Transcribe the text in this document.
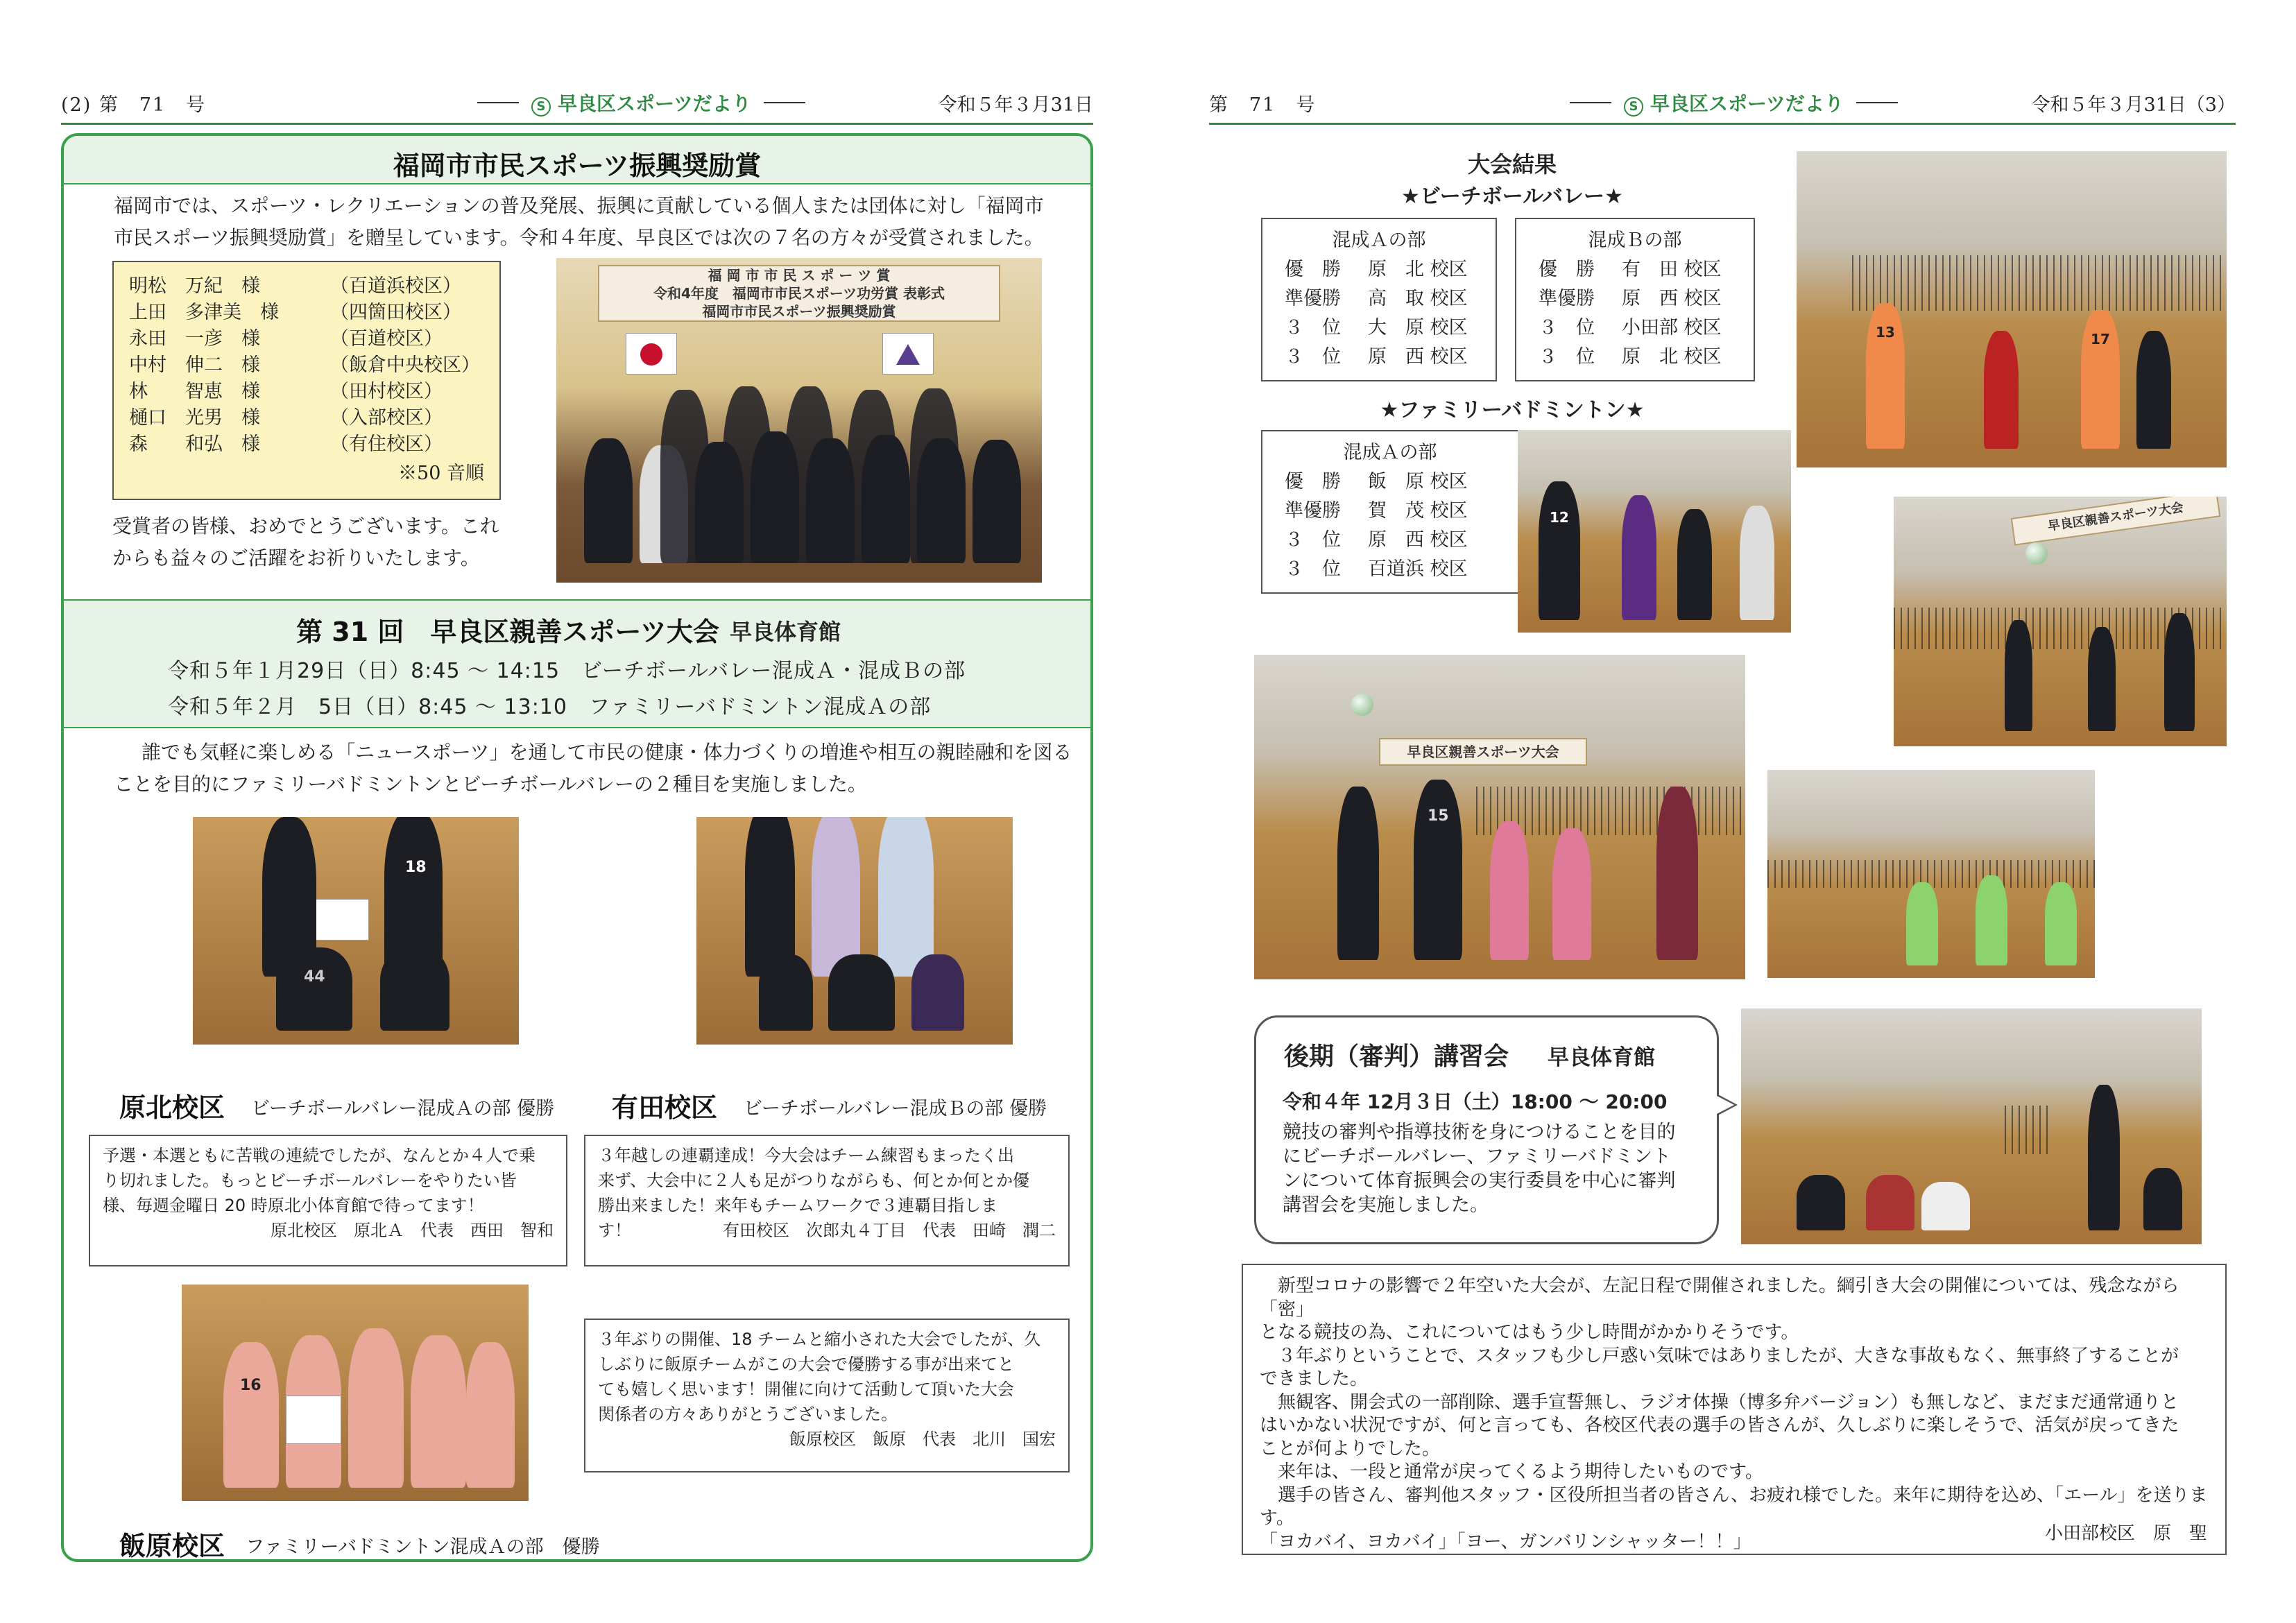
(2) 第　71　号	S 早良区スポーツだより	令和５年３月31日
福岡市市民スポーツ振興奨励賞
福岡市では、スポーツ・レクリエーションの普及発展、振興に貢献している個人または団体に対し「福岡市
市民スポーツ振興奨励賞」を贈呈しています。令和４年度、早良区では次の７名の方々が受賞されました。
明松　万紀　様	（百道浜校区）
上田　多津美　様	（四箇田校区）
永田　一彦　様	（百道校区）
中村　伸二　様	（飯倉中央校区）
林　　智恵　様	（田村校区）
樋口　光男　様	（入部校区）
森　　和弘　様	（有住校区）
※50 音順
受賞者の皆様、おめでとうございます。これ
からも益々のご活躍をお祈りいたします。
福 岡 市 市 民 ス ポ ー ツ 賞
令和4年度　福岡市市民スポーツ功労賞 表彰式
福岡市市民スポーツ振興奨励賞
第 31 回　早良区親善スポーツ大会 早良体育館
令和５年１月29日（日）8:45 ～ 14:15　ビーチボールバレー混成Ａ・混成Ｂの部
令和５年２月　5日（日）8:45 ～ 13:10　ファミリーバドミントン混成Ａの部
誰でも気軽に楽しめる「ニュースポーツ」を通して市民の健康・体力づくりの増進や相互の親睦融和を図る
ことを目的にファミリーバドミントンとビーチボールバレーの２種目を実施しました。
18
44
原北校区 ビーチボールバレー混成Ａの部 優勝 有田校区 ビーチボールバレー混成Ｂの部 優勝
予選・本選ともに苦戦の連続でしたが、なんとか４人で乗
り切れました。もっとビーチボールバレーをやりたい皆
様、毎週金曜日 20 時原北小体育館で待ってます！
原北校区　原北Ａ　代表　西田　智和
３年越しの連覇達成！今大会はチーム練習もまったく出
来ず、大会中に２人も足がつりながらも、何とか何とか優
勝出来ました！来年もチームワークで３連覇目指しま
す！	有田校区　次郎丸４丁目　代表　田崎　潤二
16
３年ぶりの開催、18 チームと縮小された大会でしたが、久
しぶりに飯原チームがこの大会で優勝する事が出来てと
ても嬉しく思います！開催に向けて活動して頂いた大会
関係者の方々ありがとうございました。
飯原校区　飯原　代表　北川　国宏
飯原校区 ファミリーバドミントン混成Ａの部　優勝
第　71　号	S 早良区スポーツだより	令和５年３月31日（3）
大会結果
★ビーチボールバレー★
混成Ａの部
優　勝	原　北 校区
準優勝	高　取 校区
３　位	大　原 校区
３　位	原　西 校区
混成Ｂの部
優　勝	有　田 校区
準優勝	原　西 校区
３　位	小田部 校区
３　位	原　北 校区
★ファミリーバドミントン★
混成Ａの部
優　勝	飯　原 校区
準優勝	賀　茂 校区
３　位	原　西 校区
３　位	百道浜 校区
13	17
12	早良区親善スポーツ大会
早良区親善スポーツ大会
15
後期（審判）講習会 早良体育館
令和４年 12月３日（土）18:00 ～ 20:00
競技の審判や指導技術を身につけることを目的
にビーチボールバレー、ファミリーバドミント
ンについて体育振興会の実行委員を中心に審判
講習会を実施しました。
　新型コロナの影響で２年空いた大会が、左記日程で開催されました。綱引き大会の開催については、残念ながら「密」
となる競技の為、これについてはもう少し時間がかかりそうです。
　３年ぶりということで、スタッフも少し戸惑い気味ではありましたが、大きな事故もなく、無事終了することが
できました。
　無観客、開会式の一部削除、選手宣誓無し、ラジオ体操（博多弁バージョン）も無しなど、まだまだ通常通りと
はいかない状況ですが、何と言っても、各校区代表の選手の皆さんが、久しぶりに楽しそうで、活気が戻ってきた
ことが何よりでした。
　来年は、一段と通常が戻ってくるよう期待したいものです。
　選手の皆さん、審判他スタッフ・区役所担当者の皆さん、お疲れ様でした。来年に期待を込め、「エール」を送ります。
「ヨカバイ、ヨカバイ」「ヨー、ガンバリンシャッター！！」	小田部校区　原　聖
